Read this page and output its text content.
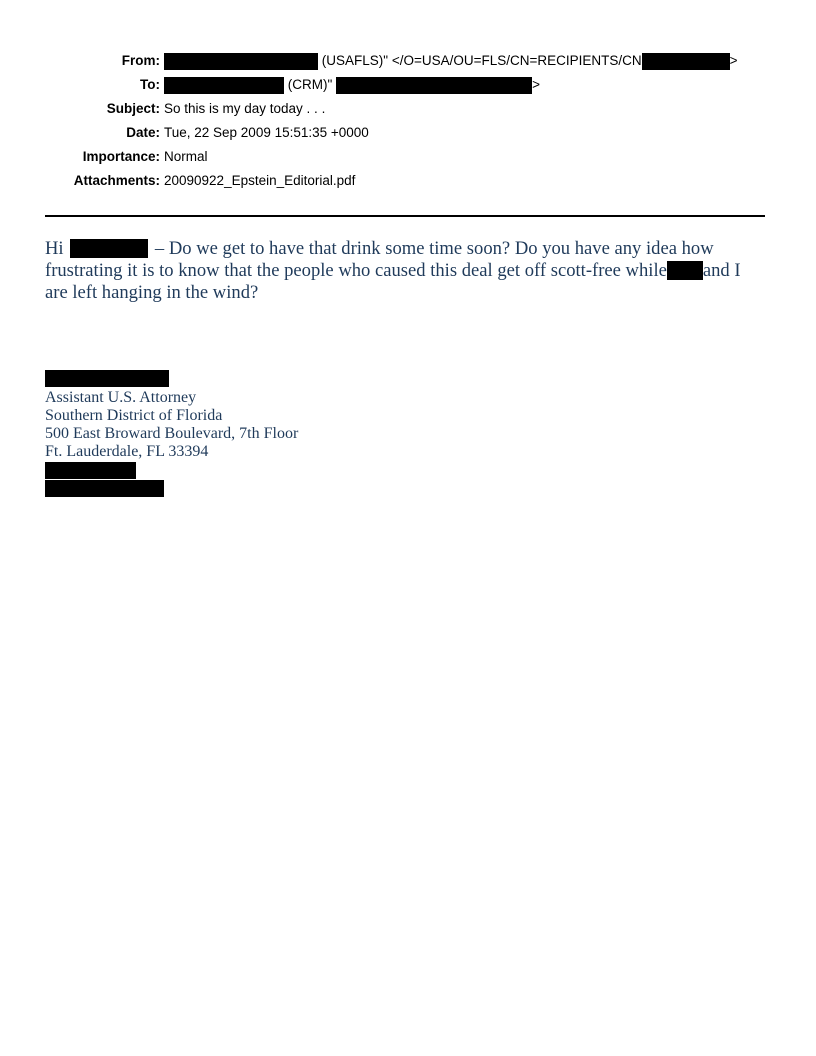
From:	(USAFLS)" </O=USA/OU=FLS/CN=RECIPIENTS/CN	>
To:	(CRM)"	>
Subject: So this is my day today . . .
Date: Tue, 22 Sep 2009 15:51:35 +0000
Importance: Normal
Attachments: 20090922_Epstein_Editorial.pdf
Hi	– Do we get to have that drink some time soon? Do you have any idea how frustrating it is to know that the people who caused this deal get off scott-free while and I are left hanging in the wind?
Assistant U.S. Attorney
Southern District of Florida
500 East Broward Boulevard, 7th Floor
Ft. Lauderdale, FL 33394
